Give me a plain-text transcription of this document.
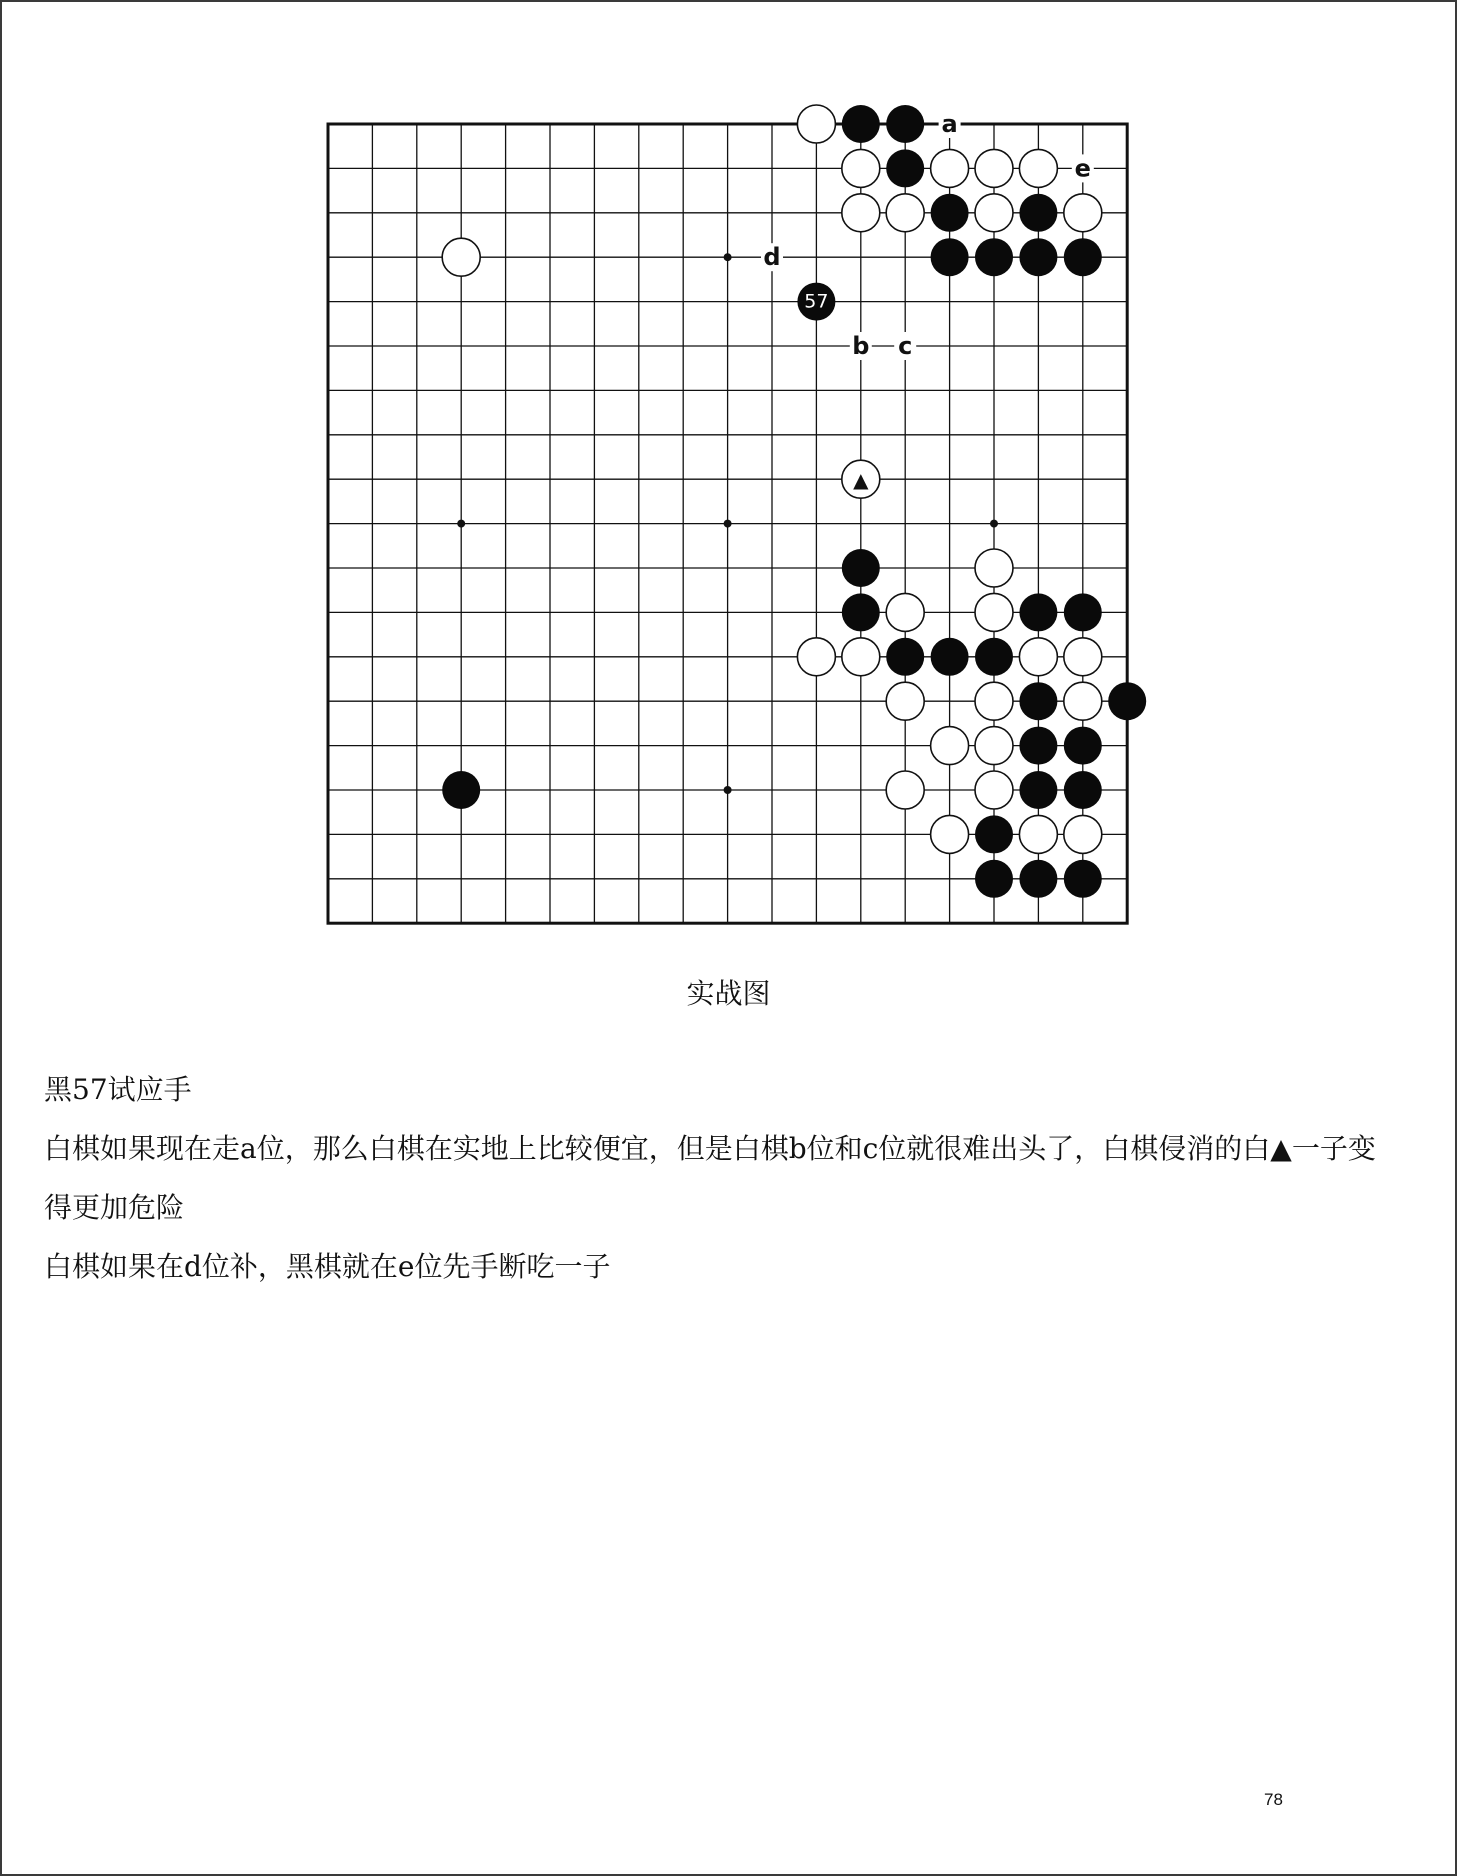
a
b c
d
e
57
▲
实战图

黑57试应手

白棋如果现在走a位，那么白棋在实地上比较便宜，但是白棋b位和c位就很难出头了，白棋侵消的白▲一子变

得更加危险

白棋如果在d位补，黑棋就在e位先手断吃一子

78
